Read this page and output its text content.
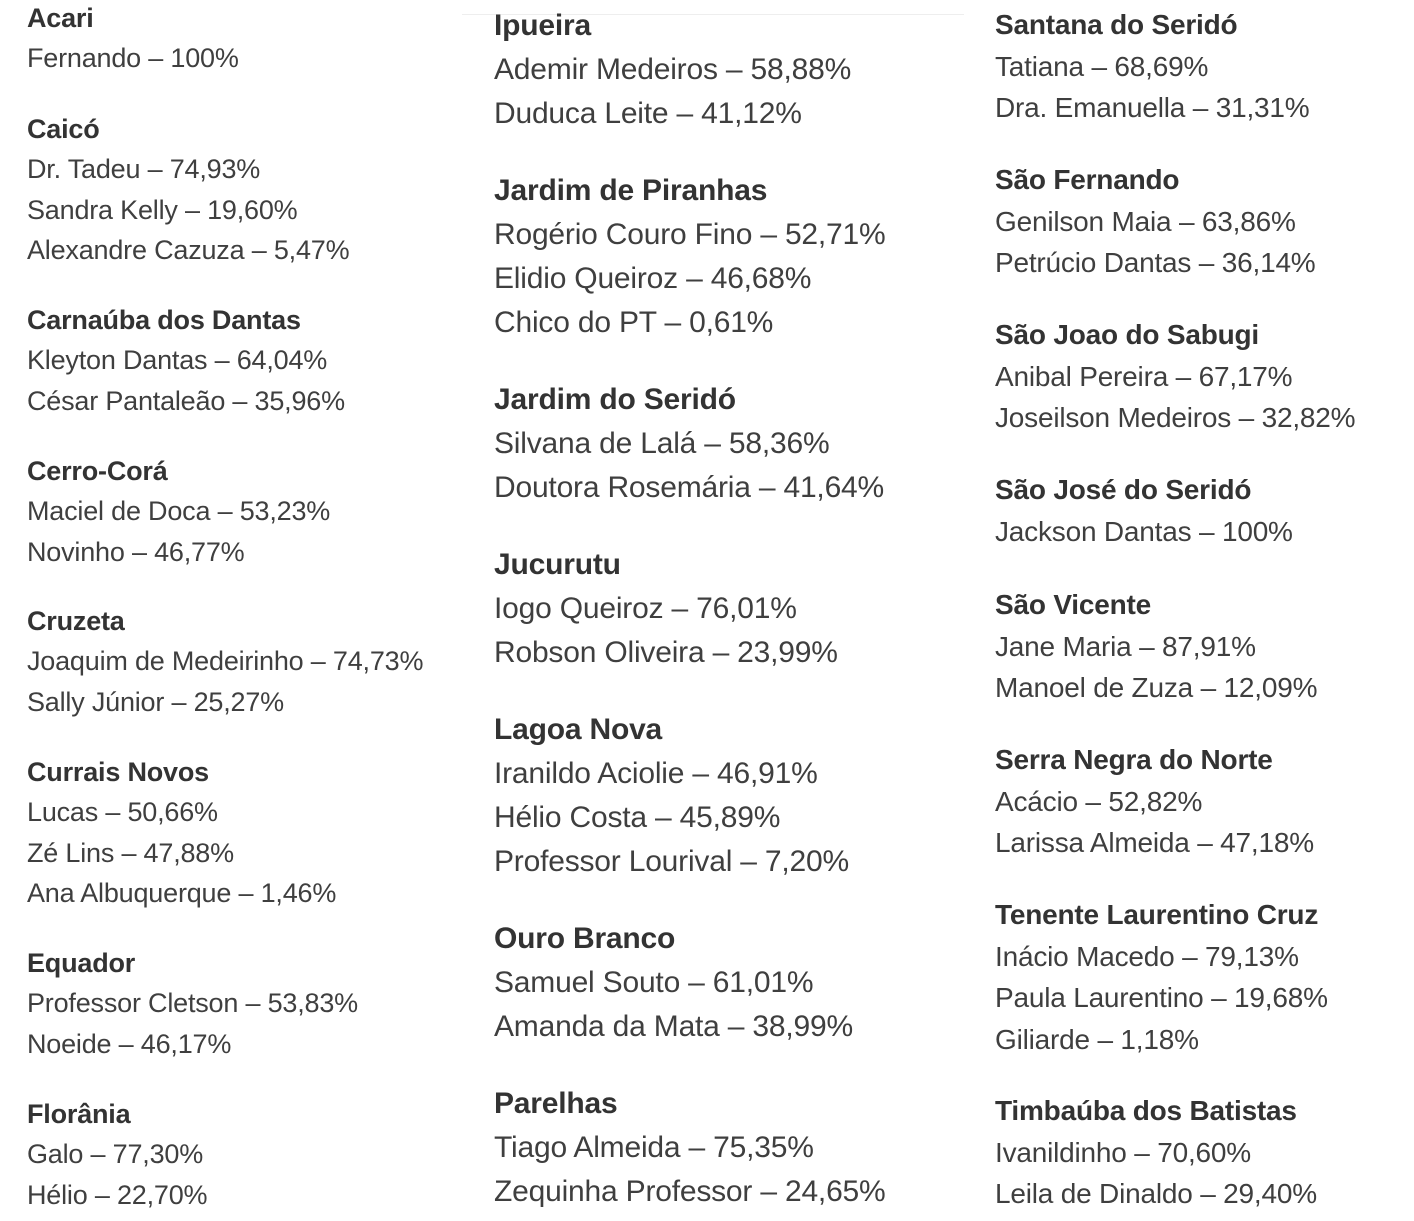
Acari
Fernando – 100%
Caicó
Dr. Tadeu – 74,93%
Sandra Kelly – 19,60%
Alexandre Cazuza – 5,47%
Carnaúba dos Dantas
Kleyton Dantas – 64,04%
César Pantaleão – 35,96%
Cerro-Corá
Maciel de Doca – 53,23%
Novinho – 46,77%
Cruzeta
Joaquim de Medeirinho – 74,73%
Sally Júnior – 25,27%
Currais Novos
Lucas – 50,66%
Zé Lins – 47,88%
Ana Albuquerque – 1,46%
Equador
Professor Cletson – 53,83%
Noeide – 46,17%
Florânia
Galo – 77,30%
Hélio – 22,70%
Ipueira
Ademir Medeiros – 58,88%
Duduca Leite – 41,12%
Jardim de Piranhas
Rogério Couro Fino – 52,71%
Elidio Queiroz – 46,68%
Chico do PT – 0,61%
Jardim do Seridó
Silvana de Lalá – 58,36%
Doutora Rosemária – 41,64%
Jucurutu
Iogo Queiroz – 76,01%
Robson Oliveira – 23,99%
Lagoa Nova
Iranildo Aciolie – 46,91%
Hélio Costa – 45,89%
Professor Lourival – 7,20%
Ouro Branco
Samuel Souto – 61,01%
Amanda da Mata – 38,99%
Parelhas
Tiago Almeida – 75,35%
Zequinha Professor – 24,65%
Santana do Seridó
Tatiana – 68,69%
Dra. Emanuella – 31,31%
São Fernando
Genilson Maia – 63,86%
Petrúcio Dantas – 36,14%
São Joao do Sabugi
Anibal Pereira – 67,17%
Joseilson Medeiros – 32,82%
São José do Seridó
Jackson Dantas – 100%
São Vicente
Jane Maria – 87,91%
Manoel de Zuza – 12,09%
Serra Negra do Norte
Acácio – 52,82%
Larissa Almeida – 47,18%
Tenente Laurentino Cruz
Inácio Macedo – 79,13%
Paula Laurentino – 19,68%
Giliarde – 1,18%
Timbaúba dos Batistas
Ivanildinho – 70,60%
Leila de Dinaldo – 29,40%
